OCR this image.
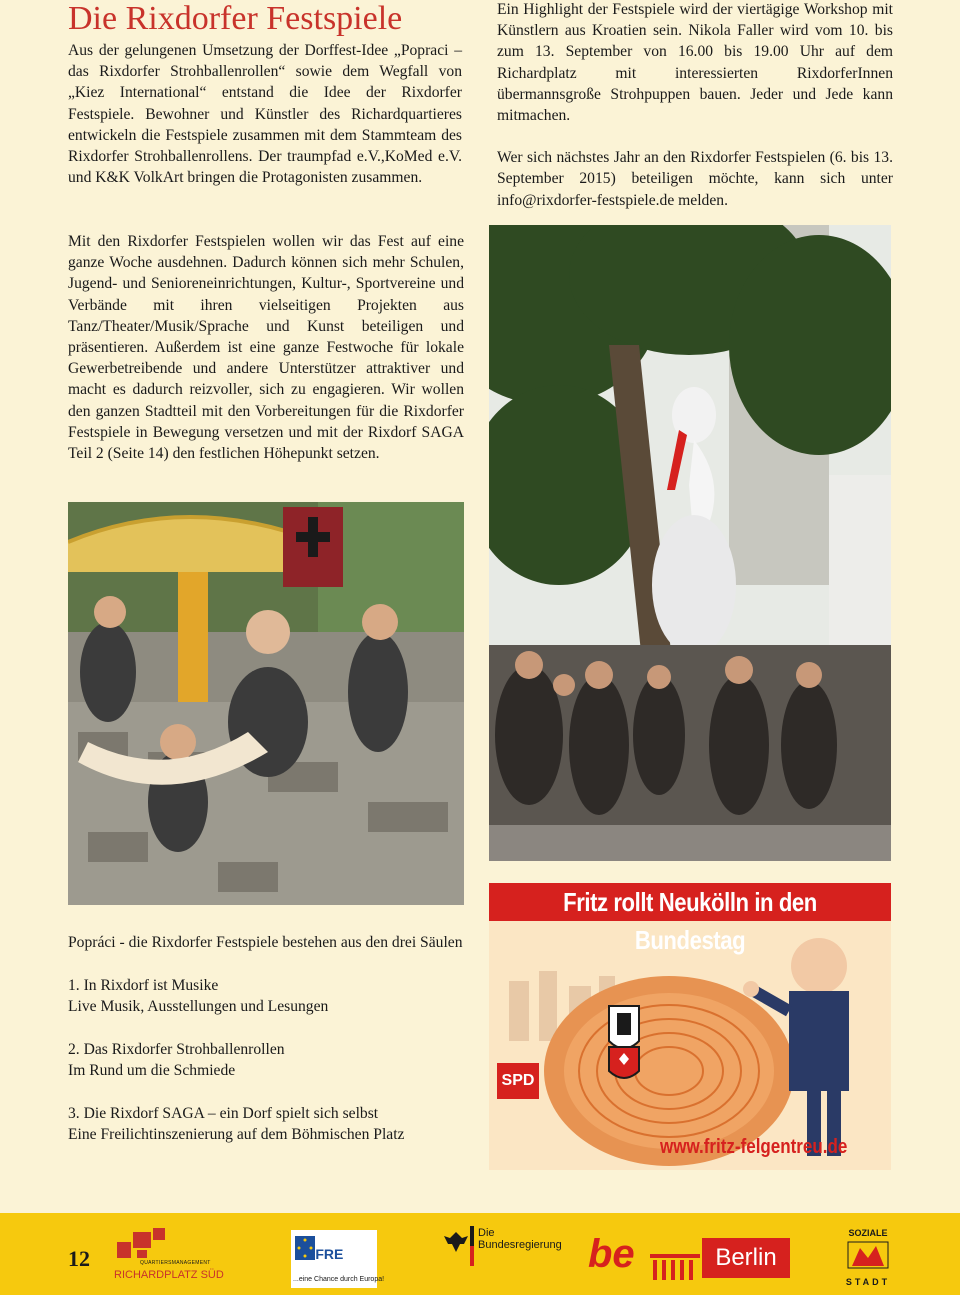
Die Rixdorfer Festspiele

Aus der gelungenen Umsetzung der Dorffest-Idee „Popraci – das Rixdorfer Strohballenrollen“ sowie dem Wegfall von „Kiez International“ entstand die Idee der Rixdorfer Festspiele. Bewohner und Künstler des Richardquartieres entwickeln die Festspiele zusammen mit dem Stammteam des Rixdorfer Strohballenrollens. Der traumpfad e.V.,KoMed e.V. und K&K VolkArt bringen die Protagonisten zusammen.

Mit den Rixdorfer Festspielen wollen wir das Fest auf eine ganze Woche ausdehnen. Dadurch können sich mehr Schulen, Jugend- und Senioreneinrichtungen, Kultur-, Sportvereine und Verbände mit ihren vielseitigen Projekten aus Tanz/Theater/Musik/Sprache und Kunst beteiligen und präsentieren. Außerdem ist eine ganze Festwoche für lokale Gewerbetreibende und andere Unterstützer attraktiver und macht es dadurch reizvoller, sich zu engagieren. Wir wollen den ganzen Stadtteil mit den Vorbereitungen für die Rixdorfer Festspiele in Bewegung versetzen und mit der Rixdorf SAGA Teil 2 (Seite 14) den festlichen Höhepunkt setzen.

Ein Highlight der Festspiele wird der viertägige Workshop mit Künstlern aus Kroatien sein. Nikola Faller wird vom 10. bis zum 13. September von 16.00 bis 19.00 Uhr auf dem Richardplatz mit interessierten RixdorferInnen übermannsgroße Strohpuppen bauen. Jeder und Jede kann mitmachen.

Wer sich nächstes Jahr an den Rixdorfer Festspielen (6. bis 13. September 2015) beteiligen möchte, kann sich unter info@rixdorfer-festspiele.de melden.

Popráci - die Rixdorfer Festspiele bestehen aus den drei Säulen

1. In Rixdorf ist Musike

Live Musik, Ausstellungen und Lesungen

2. Das Rixdorfer Strohballenrollen

Im Rund um die Schmiede

3. Die Rixdorf SAGA – ein Dorf spielt sich selbst

Eine Freilichtinszenierung auf dem Böhmischen Platz

Fritz rollt Neukölln in den Bundestag
SPD
www.fritz-felgentreu.de
12	QUARTIERSMANAGEMENT
RICHARDPLATZ SÜD
EFRE
...eine Chance durch Europa!
Die
Bundesregierung be	Berlin
SOZIALE
STADT
